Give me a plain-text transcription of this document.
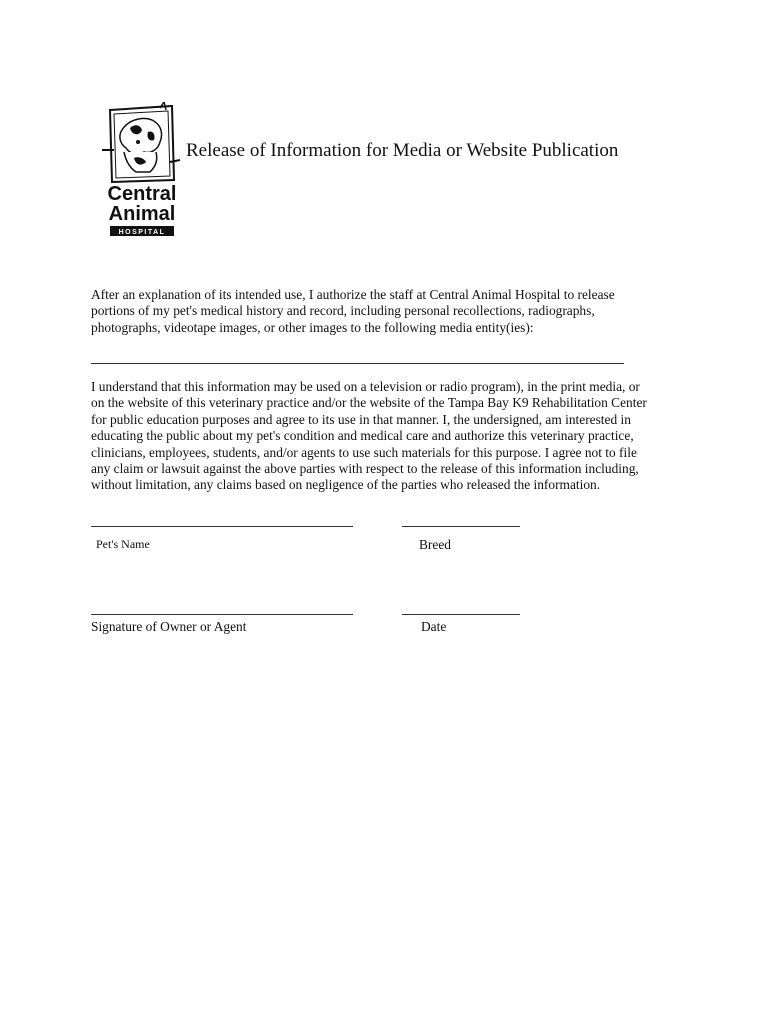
Central
Animal
HOSPITAL
Release of Information for Media or Website Publication
After an explanation of its intended use, I authorize the staff at Central Animal Hospital to release
portions of my pet's medical history and record, including personal recollections, radiographs,
photographs, videotape images, or other images to the following media entity(ies):
I understand that this information may be used on a television or radio program), in the print media, or
on the website of this veterinary practice and/or the website of the Tampa Bay K9 Rehabilitation Center
for public education purposes and agree to its use in that manner. I, the undersigned, am interested in
educating the public about my pet's condition and medical care and authorize this veterinary practice,
clinicians, employees, students, and/or agents to use such materials for this purpose. I agree not to file
any claim or lawsuit against the above parties with respect to the release of this information including,
without limitation, any claims based on negligence of the parties who released the information.
Pet's Name	Breed
Signature of Owner or Agent	Date
